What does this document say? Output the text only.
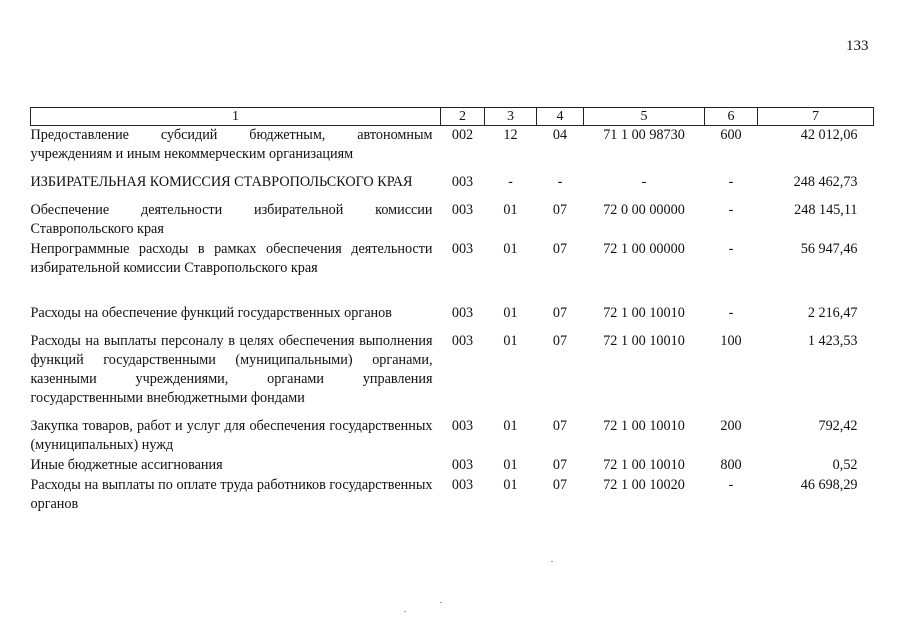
133
1	2	3	4	5	6	7
Предоставление субсидий бюджетным, автономным учреждениям и иным некоммерческим организациям	002	12	04	71 1 00 98730	600	42 012,06
ИЗБИРАТЕЛЬНАЯ КОМИССИЯ СТАВРОПОЛЬСКОГО КРАЯ	003	-	-	-	-	248 462,73
Обеспечение деятельности избирательной комиссии Ставропольского края	003	01	07	72 0 00 00000	-	248 145,11
Непрограммные расходы в рамках обеспечения деятельности избирательной комиссии Ставропольского края	003	01	07	72 1 00 00000	-	56 947,46
Расходы на обеспечение функций государственных органов	003	01	07	72 1 00 10010	-	2 216,47
Расходы на выплаты персоналу в целях обеспечения выполнения функций государственными (муниципальными) органами, казенными учреждениями, органами управления государственными внебюджетными фондами	003	01	07	72 1 00 10010	100	1 423,53
Закупка товаров, работ и услуг для обеспечения государственных (муниципальных) нужд	003	01	07	72 1 00 10010	200	792,42
Иные бюджетные ассигнования	003	01	07	72 1 00 10010	800	0,52
Расходы на выплаты по оплате труда работников государственных органов	003	01	07	72 1 00 10020	-	46 698,29
